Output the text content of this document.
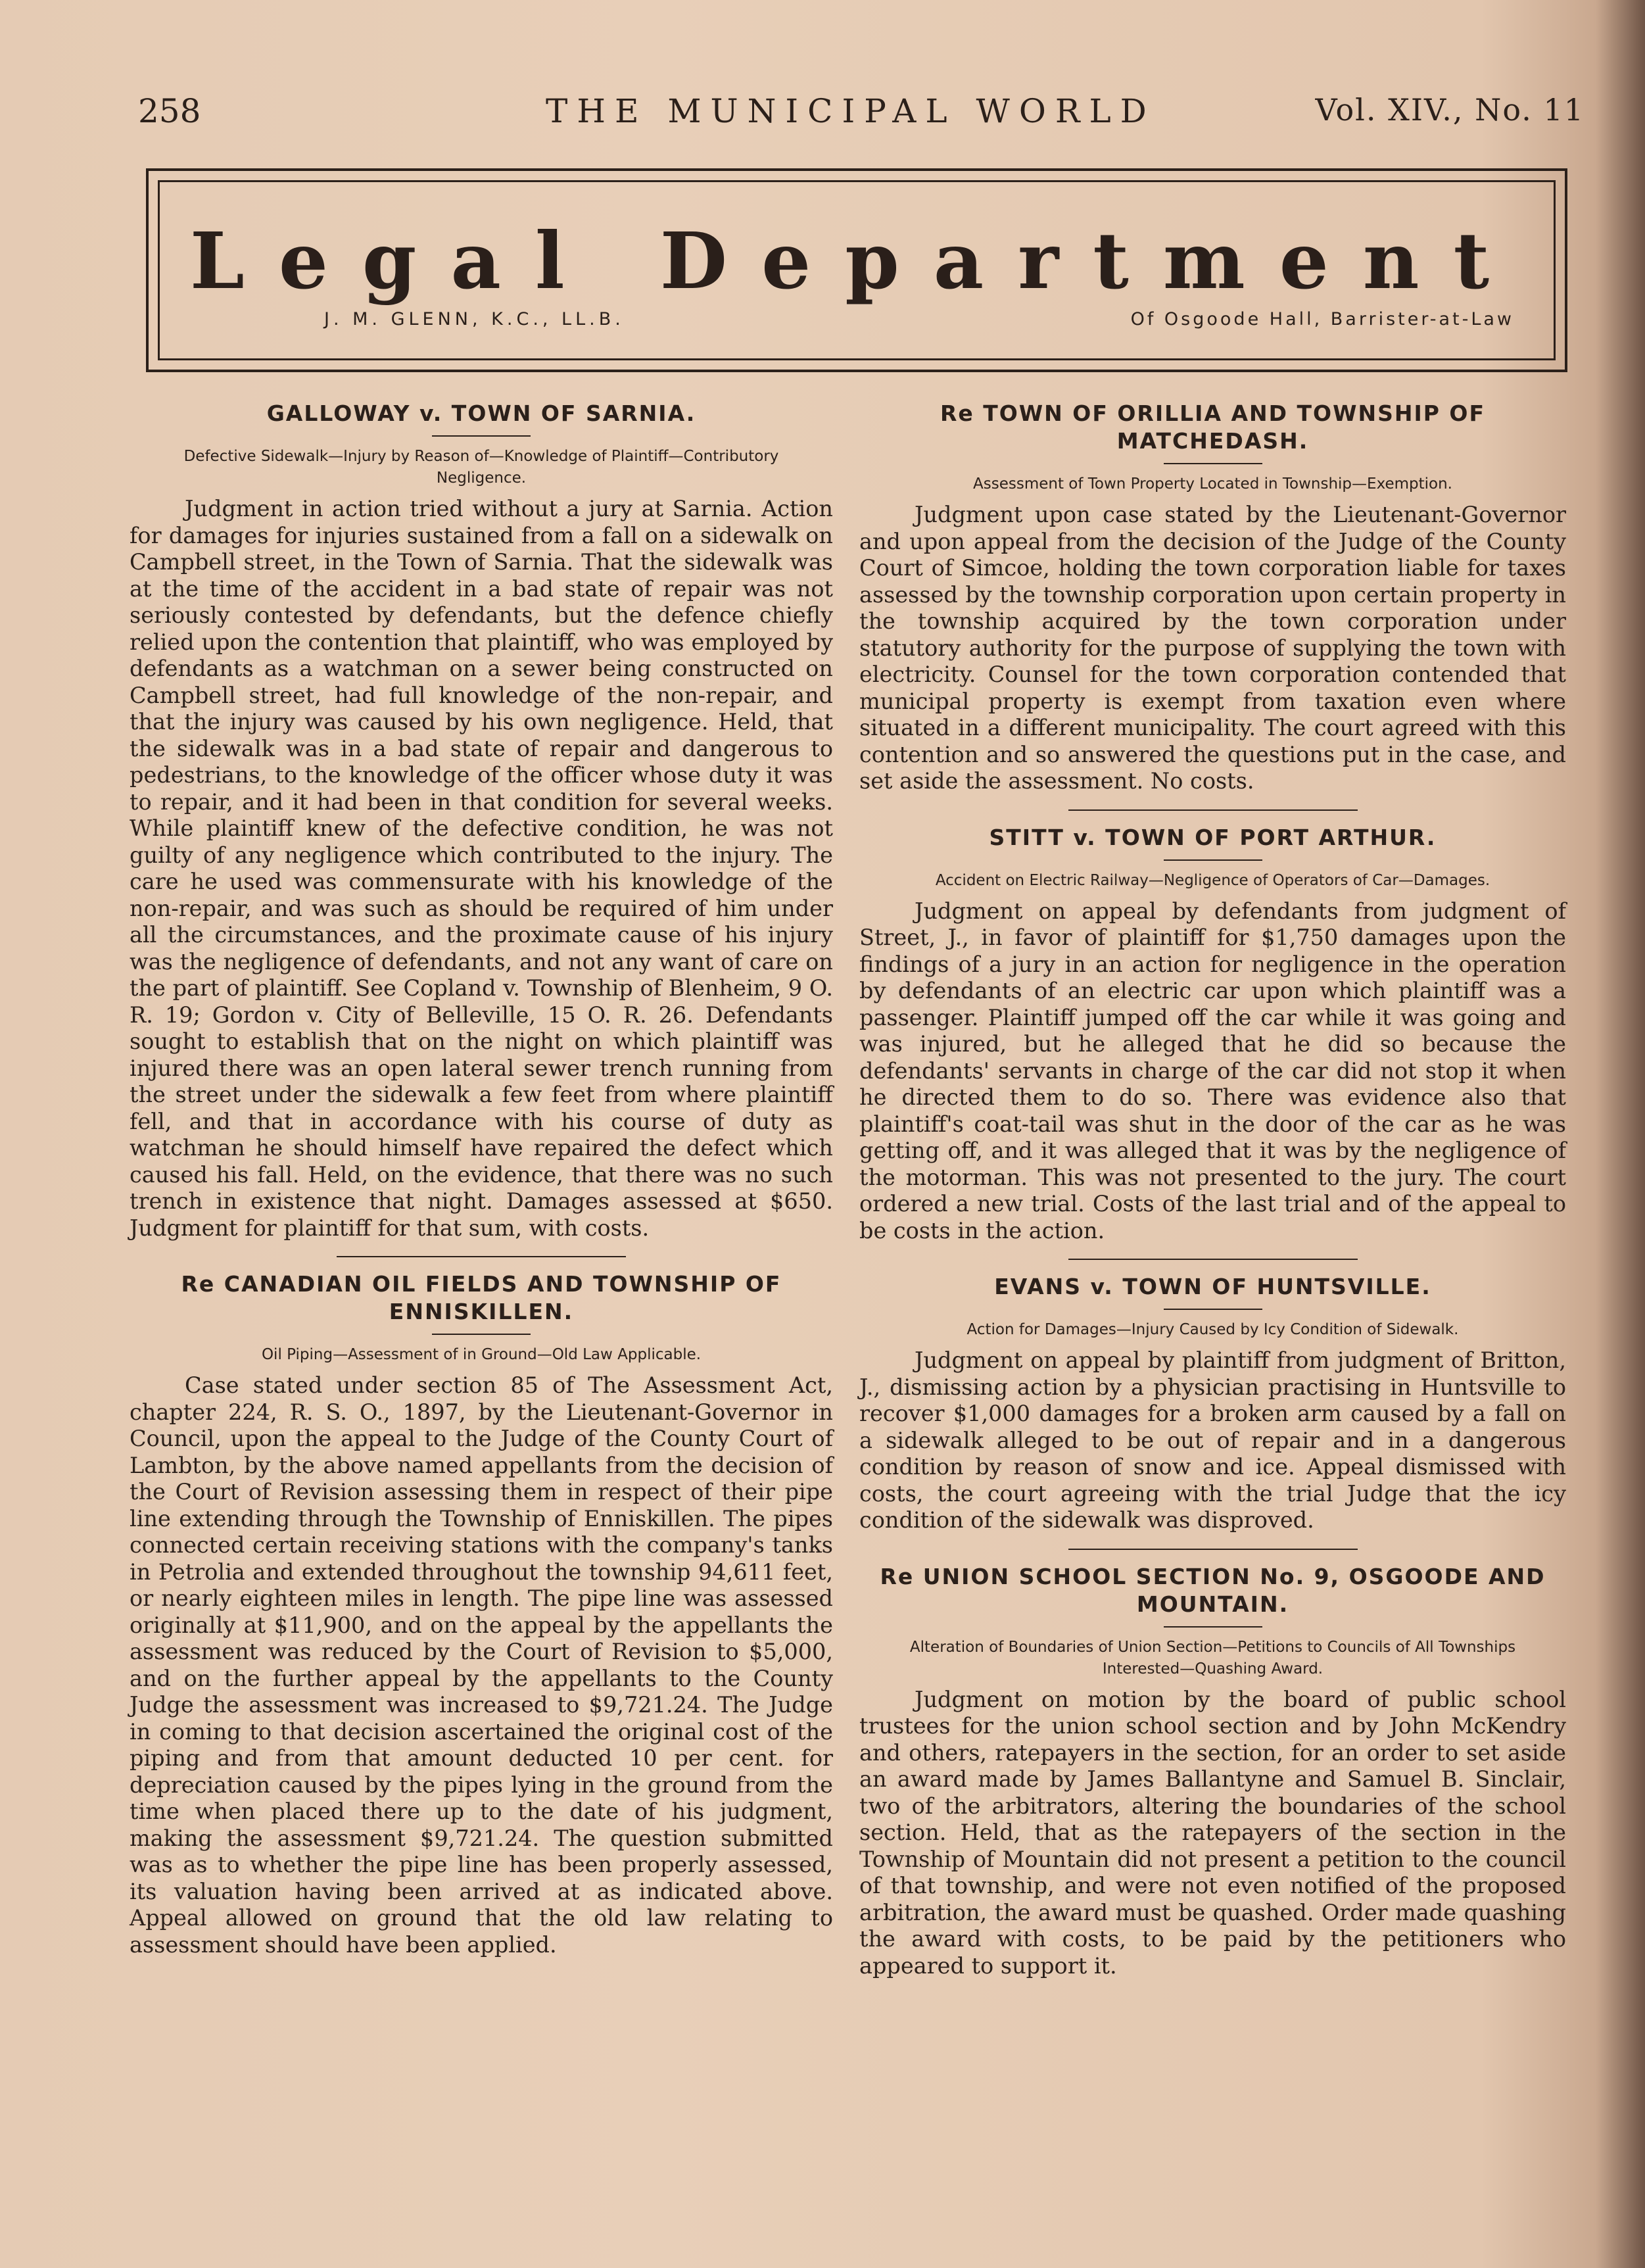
258	THE MUNICIPAL WORLD	Vol. XIV., No. 11
Legal Department
J. M. GLENN, K.C., LL.B.	Of Osgoode Hall, Barrister-at-Law
GALLOWAY v. TOWN OF SARNIA.
Defective Sidewalk—Injury by Reason of—Knowledge of Plaintiff—Contributory Negligence.

Judgment in action tried without a jury at Sarnia. Action for damages for injuries sustained from a fall on a sidewalk on Campbell street, in the Town of Sarnia. That the sidewalk was at the time of the accident in a bad state of repair was not seriously contested by defendants, but the defence chiefly relied upon the contention that plaintiff, who was employed by defendants as a watchman on a sewer being constructed on Campbell street, had full knowledge of the non-repair, and that the injury was caused by his own negligence. Held, that the sidewalk was in a bad state of repair and dangerous to pedestrians, to the knowledge of the officer whose duty it was to repair, and it had been in that condition for several weeks. While plaintiff knew of the defective condition, he was not guilty of any negligence which contributed to the injury. The care he used was commensurate with his knowledge of the non-repair, and was such as should be required of him under all the circumstances, and the proximate cause of his injury was the negligence of defendants, and not any want of care on the part of plaintiff. See Copland v. Township of Blenheim, 9 O. R. 19; Gordon v. City of Belleville, 15 O. R. 26. Defendants sought to establish that on the night on which plaintiff was injured there was an open lateral sewer trench running from the street under the sidewalk a few feet from where plaintiff fell, and that in accordance with his course of duty as watchman he should himself have repaired the defect which caused his fall. Held, on the evidence, that there was no such trench in existence that night. Damages assessed at $650. Judgment for plaintiff for that sum, with costs.

Re CANADIAN OIL FIELDS AND TOWNSHIP OF ENNISKILLEN.
Oil Piping—Assessment of in Ground—Old Law Applicable.

Case stated under section 85 of The Assessment Act, chapter 224, R. S. O., 1897, by the Lieutenant-Governor in Council, upon the appeal to the Judge of the County Court of Lambton, by the above named appellants from the decision of the Court of Revision assessing them in respect of their pipe line extending through the Township of Enniskillen. The pipes connected certain receiving stations with the company's tanks in Petrolia and extended throughout the township 94,611 feet, or nearly eighteen miles in length. The pipe line was assessed originally at $11,900, and on the appeal by the appellants the assessment was reduced by the Court of Revision to $5,000, and on the further appeal by the appellants to the County Judge the assessment was increased to $9,721.24. The Judge in coming to that decision ascertained the original cost of the piping and from that amount deducted 10 per cent. for depreciation caused by the pipes lying in the ground from the time when placed there up to the date of his judgment, making the assessment $9,721.24. The question submitted was as to whether the pipe line has been properly assessed, its valuation having been arrived at as indicated above. Appeal allowed on ground that the old law relating to assessment should have been applied.

Re TOWN OF ORILLIA AND TOWNSHIP OF MATCHEDASH.
Assessment of Town Property Located in Township—Exemption.

Judgment upon case stated by the Lieutenant-Governor and upon appeal from the decision of the Judge of the County Court of Simcoe, holding the town corporation liable for taxes assessed by the township corporation upon certain property in the township acquired by the town corporation under statutory authority for the purpose of supplying the town with electricity. Counsel for the town corporation contended that municipal property is exempt from taxation even where situated in a different municipality. The court agreed with this contention and so answered the questions put in the case, and set aside the assessment. No costs.

STITT v. TOWN OF PORT ARTHUR.
Accident on Electric Railway—Negligence of Operators of Car—Damages.

Judgment on appeal by defendants from judgment of Street, J., in favor of plaintiff for $1,750 damages upon the findings of a jury in an action for negligence in the operation by defendants of an electric car upon which plaintiff was a passenger. Plaintiff jumped off the car while it was going and was injured, but he alleged that he did so because the defendants' servants in charge of the car did not stop it when he directed them to do so. There was evidence also that plaintiff's coat-tail was shut in the door of the car as he was getting off, and it was alleged that it was by the negligence of the motorman. This was not presented to the jury. The court ordered a new trial. Costs of the last trial and of the appeal to be costs in the action.

EVANS v. TOWN OF HUNTSVILLE.
Action for Damages—Injury Caused by Icy Condition of Sidewalk.

Judgment on appeal by plaintiff from judgment of Britton, J., dismissing action by a physician practising in Huntsville to recover $1,000 damages for a broken arm caused by a fall on a sidewalk alleged to be out of repair and in a dangerous condition by reason of snow and ice. Appeal dismissed with costs, the court agreeing with the trial Judge that the icy condition of the sidewalk was disproved.

Re UNION SCHOOL SECTION No. 9, OSGOODE AND MOUNTAIN.
Alteration of Boundaries of Union Section—Petitions to Councils of All Townships Interested—Quashing Award.

Judgment on motion by the board of public school trustees for the union school section and by John McKendry and others, ratepayers in the section, for an order to set aside an award made by James Ballantyne and Samuel B. Sinclair, two of the arbitrators, altering the boundaries of the school section. Held, that as the ratepayers of the section in the Township of Mountain did not present a petition to the council of that township, and were not even notified of the proposed arbitration, the award must be quashed. Order made quashing the award with costs, to be paid by the petitioners who appeared to support it.
